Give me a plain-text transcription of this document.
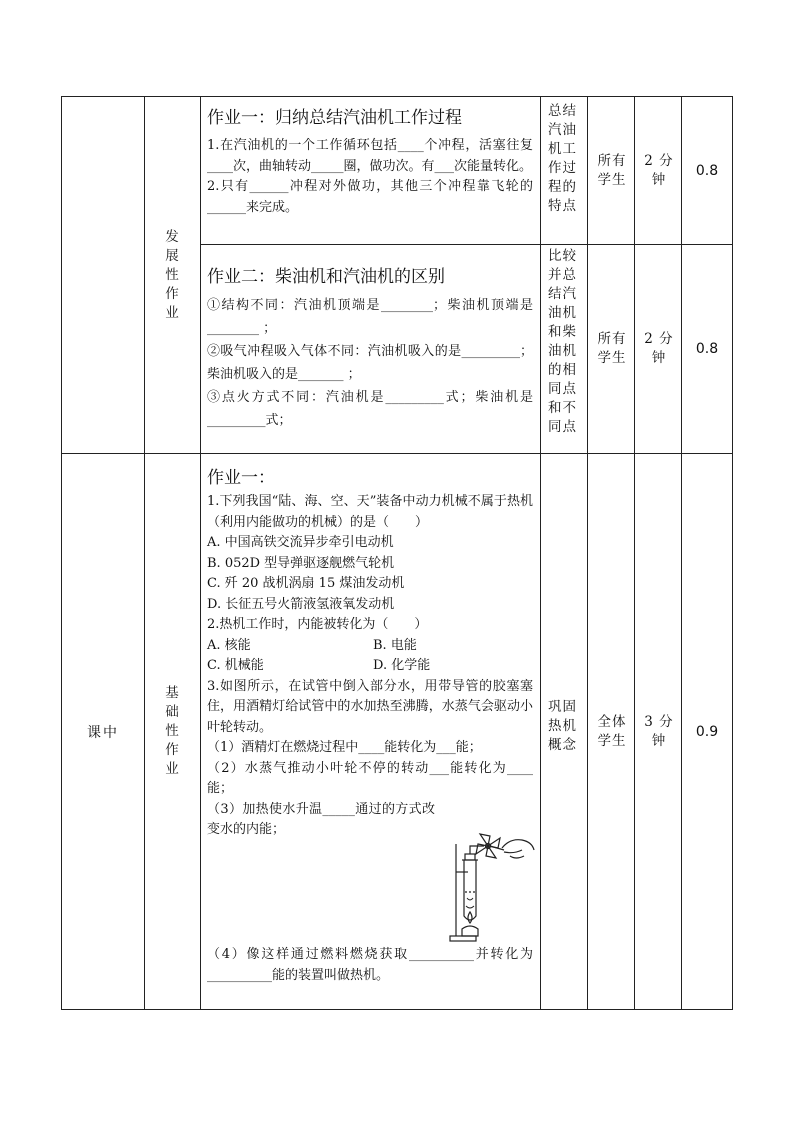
发展性作业
作业一：归纳总结汽油机工作过程

1.在汽油机的一个工作循环包括____个冲程，活塞往复____次，曲轴转动_____圈，做功次。有___次能量转化。

2.只有______冲程对外做功，其他三个冲程靠飞轮的______来完成。

总结汽油机工作过程的特点
所有学生
2 分钟
0.8
作业二：柴油机和汽油机的区别

①结构不同：汽油机顶端是________；柴油机顶端是________ ；

②吸气冲程吸入气体不同：汽油机吸入的是_________；柴油机吸入的是_______ ；

③点火方式不同：汽油机是_________式；柴油机是_________式；

比较并总结汽油机和柴油机的相同点和不同点
所有学生
2 分钟
0.8
课中
基础性作业
作业一：

1.下列我国“陆、海、空、天”装备中动力机械不属于热机（利用内能做功的机械）的是（　　）

A. 中国高铁交流异步牵引电动机

B. 052D 型导弹驱逐舰燃气轮机

C. 歼 20 战机涡扇 15 煤油发动机

D. 长征五号火箭液氢液氧发动机

2.热机工作时，内能被转化为（　　）

A. 核能	B. 电能
C. 机械能	D. 化学能

3.如图所示，在试管中倒入部分水，用带导管的胶塞塞住，用酒精灯给试管中的水加热至沸腾，水蒸气会驱动小叶轮转动。

（1）酒精灯在燃烧过程中____能转化为___能；

（2）水蒸气推动小叶轮不停的转动___能转化为____能；

（3）加热使水升温_____通过的方式改变水的内能；

（4）像这样通过燃料燃烧获取__________并转化为__________能的装置叫做热机。

巩固热机概念
全体学生
3 分钟
0.9
